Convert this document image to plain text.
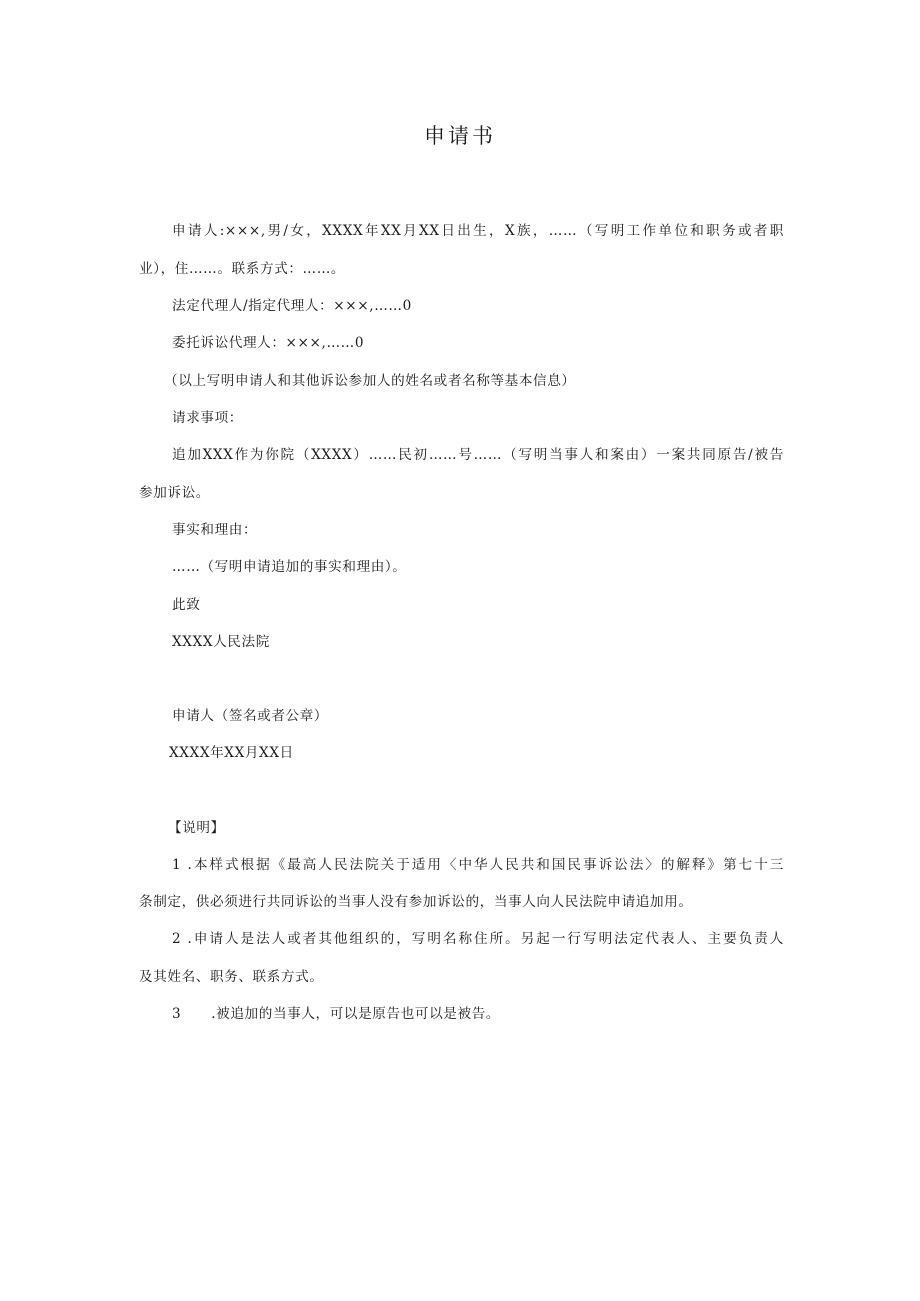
申请书
申请人:×××,男/女，XXXX年XX月XX日出生，X族，……（写明工作单位和职务或者职
业），住……。联系方式：……。
法定代理人/指定代理人：×××,……0
委托诉讼代理人：×××,……0
（以上写明申请人和其他诉讼参加人的姓名或者名称等基本信息）
请求事项：
追加XXX作为你院（XXXX）……民初……号……（写明当事人和案由）一案共同原告/被告
参加诉讼。
事实和理由：
……（写明申请追加的事实和理由）。
此致
XXXX人民法院
申请人（签名或者公章）
XXXX年XX月XX日
【说明】
1 .本样式根据《最高人民法院关于适用〈中华人民共和国民事诉讼法〉的解释》第七十三
条制定，供必须进行共同诉讼的当事人没有参加诉讼的，当事人向人民法院申请追加用。
2 .申请人是法人或者其他组织的，写明名称住所。另起一行写明法定代表人、主要负责人
及其姓名、职务、联系方式。
3 .被追加的当事人，可以是原告也可以是被告。
